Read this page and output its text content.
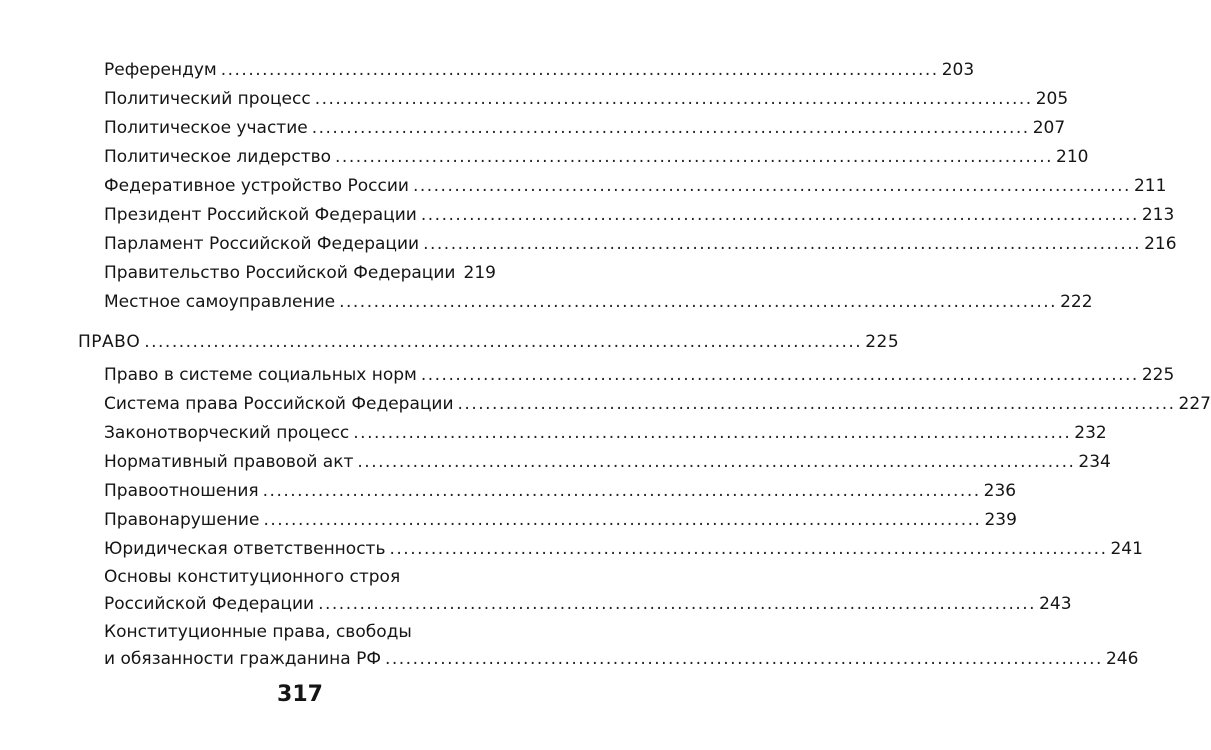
Референдум ........................................................................................................ 203
Политический процесс ........................................................................................................ 205
Политическое участие ........................................................................................................ 207
Политическое лидерство ........................................................................................................ 210
Федеративное устройство России ........................................................................................................ 211
Президент Российской Федерации ........................................................................................................ 213
Парламент Российской Федерации ........................................................................................................ 216
Правительство Российской Федерации 219
Местное самоуправление ........................................................................................................ 222
ПРАВО ........................................................................................................ 225
Право в системе социальных норм ........................................................................................................ 225
Система права Российской Федерации ........................................................................................................ 227
Законотворческий процесс ........................................................................................................ 232
Нормативный правовой акт ........................................................................................................ 234
Правоотношения ........................................................................................................ 236
Правонарушение ........................................................................................................ 239
Юридическая ответственность ........................................................................................................ 241
Основы конституционного строя
Российской Федерации ........................................................................................................ 243
Конституционные права, свободы
и обязанности гражданина РФ ........................................................................................................ 246
317
